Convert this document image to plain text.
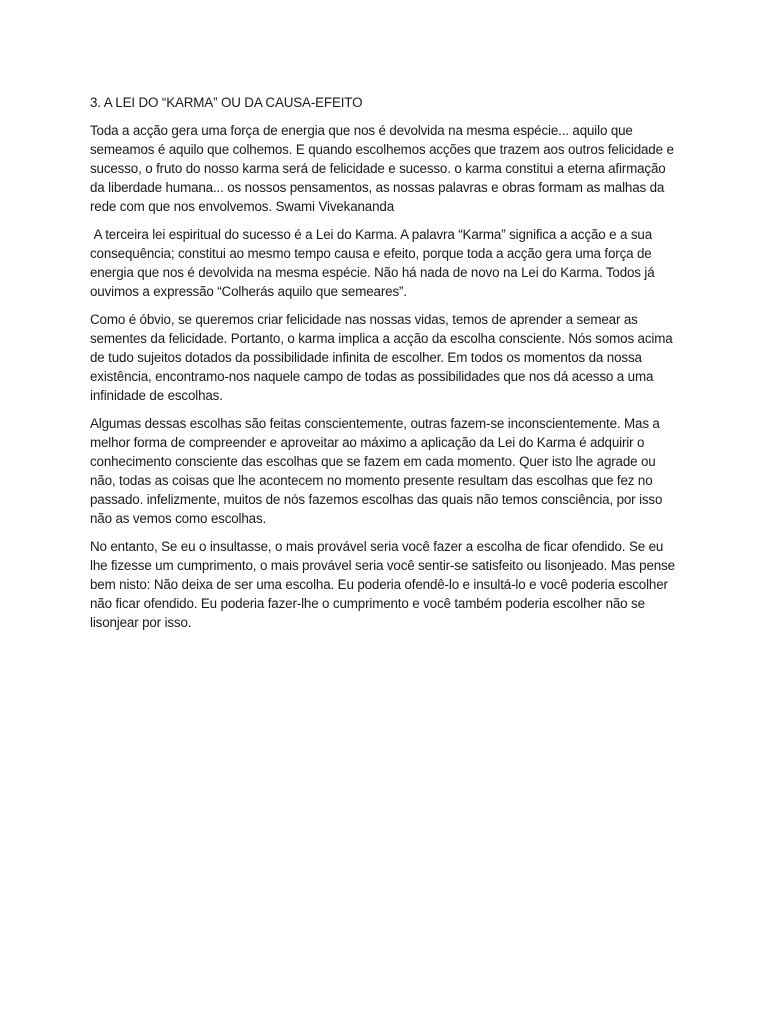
3. A LEI DO “KARMA” OU DA CAUSA-EFEITO

Toda a acção gera uma força de energia que nos é devolvida na mesma espécie... aquilo que semeamos é aquilo que colhemos. E quando escolhemos acções que trazem aos outros felicidade e sucesso, o fruto do nosso karma será de felicidade e sucesso. o karma constitui a eterna afirmação da liberdade humana... os nossos pensamentos, as nossas palavras e obras formam as malhas da rede com que nos envolvemos. Swami Vivekananda

A terceira lei espiritual do sucesso é a Lei do Karma. A palavra “Karma” significa a acção e a sua consequência; constitui ao mesmo tempo causa e efeito, porque toda a acção gera uma força de energia que nos é devolvida na mesma espécie. Não há nada de novo na Lei do Karma. Todos já ouvimos a expressão “Colherás aquilo que semeares”.

Como é óbvio, se queremos criar felicidade nas nossas vidas, temos de aprender a semear as sementes da felicidade. Portanto, o karma implica a acção da escolha consciente. Nós somos acima de tudo sujeitos dotados da possibilidade infinita de escolher. Em todos os momentos da nossa existência, encontramo-nos naquele campo de todas as possibilidades que nos dá acesso a uma infinidade de escolhas.

Algumas dessas escolhas são feitas conscientemente, outras fazem-se inconscientemente. Mas a melhor forma de compreender e aproveitar ao máximo a aplicação da Lei do Karma é adquirir o conhecimento consciente das escolhas que se fazem em cada momento. Quer isto lhe agrade ou não, todas as coisas que lhe acontecem no momento presente resultam das escolhas que fez no passado. infelizmente, muitos de nós fazemos escolhas das quais não temos consciência, por isso não as vemos como escolhas.

No entanto, Se eu o insultasse, o mais provável seria você fazer a escolha de ficar ofendido. Se eu lhe fizesse um cumprimento, o mais provável seria você sentir-se satisfeito ou lisonjeado. Mas pense bem nisto: Não deixa de ser uma escolha. Eu poderia ofendê-lo e insultá-lo e você poderia escolher não ficar ofendido. Eu poderia fazer-lhe o cumprimento e você também poderia escolher não se lisonjear por isso.
